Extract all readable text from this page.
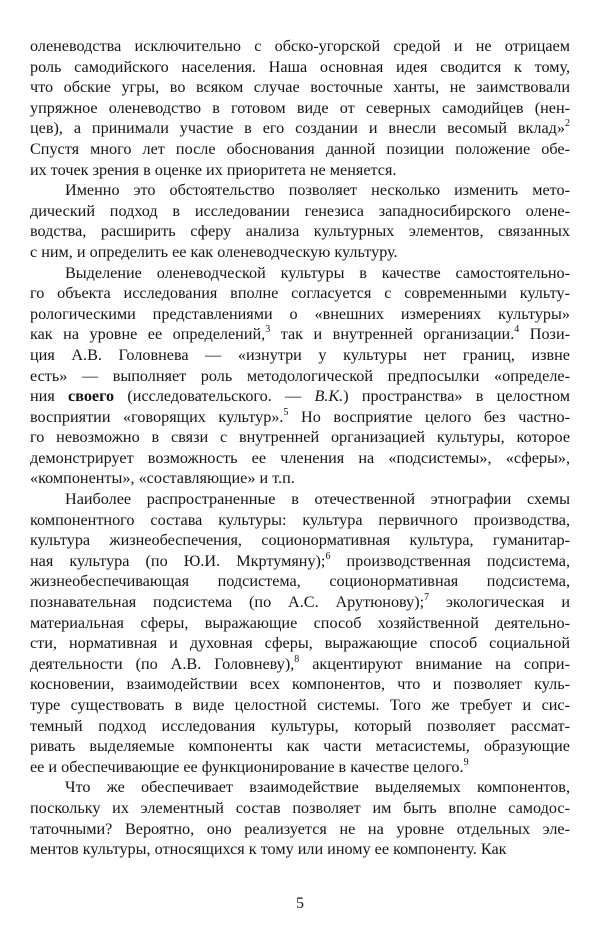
оленеводства исключительно с обско-угорской средой и не отрицаем
роль самодийского населения. Наша основная идея сводится к тому,
что обские угры, во всяком случае восточные ханты, не заимствовали
упряжное оленеводство в готовом виде от северных самодийцев (нен-
цев), а принимали участие в его создании и внесли весомый вклад»$^2$
Спустя много лет после обоснования данной позиции положение обе-
их точек зрения в оценке их приоритета не меняется.
Именно это обстоятельство позволяет несколько изменить мето-
дический подход в исследовании генезиса западносибирского олене-
водства, расширить сферу анализа культурных элементов, связанных
с ним, и определить ее как оленеводческую культуру.
Выделение оленеводческой культуры в качестве самостоятельно-
го объекта исследования вполне согласуется с современными культу-
рологическими представлениями о «внешних измерениях культуры»
как на уровне ее определений,$^3$ так и внутренней организации.$^4$ Пози-
ция А.В. Головнева — «изнутри у культуры нет границ, извне
есть» — выполняет роль методологической предпосылки «определе-
ния своего (исследовательского. — В.К.) пространства» в целостном
восприятии «говорящих культур».$^5$ Но восприятие целого без частно-
го невозможно в связи с внутренней организацией культуры, которое
демонстрирует возможность ее членения на «подсистемы», «сферы»,
«компоненты», «составляющие» и т.п.
Наиболее распространенные в отечественной этнографии схемы
компонентного состава культуры: культура первичного производства,
культура жизнеобеспечения, соционормативная культура, гуманитар-
ная культура (по Ю.И. Мкртумяну);$^6$ производственная подсистема,
жизнеобеспечивающая подсистема, соционормативная подсистема,
познавательная подсистема (по А.С. Арутюнову);$^7$ экологическая и
материальная сферы, выражающие способ хозяйственной деятельно-
сти, нормативная и духовная сферы, выражающие способ социальной
деятельности (по А.В. Головневу),$^8$ акцентируют внимание на сопри-
косновении, взаимодействии всех компонентов, что и позволяет куль-
туре существовать в виде целостной системы. Того же требует и сис-
темный подход исследования культуры, который позволяет рассмат-
ривать выделяемые компоненты как части метасистемы, образующие
ее и обеспечивающие ее функционирование в качестве целого.$^9$
Что же обеспечивает взаимодействие выделяемых компонентов,
поскольку их элементный состав позволяет им быть вполне самодос-
таточными? Вероятно, оно реализуется не на уровне отдельных эле-
ментов культуры, относящихся к тому или иному ее компоненту. Как
5
